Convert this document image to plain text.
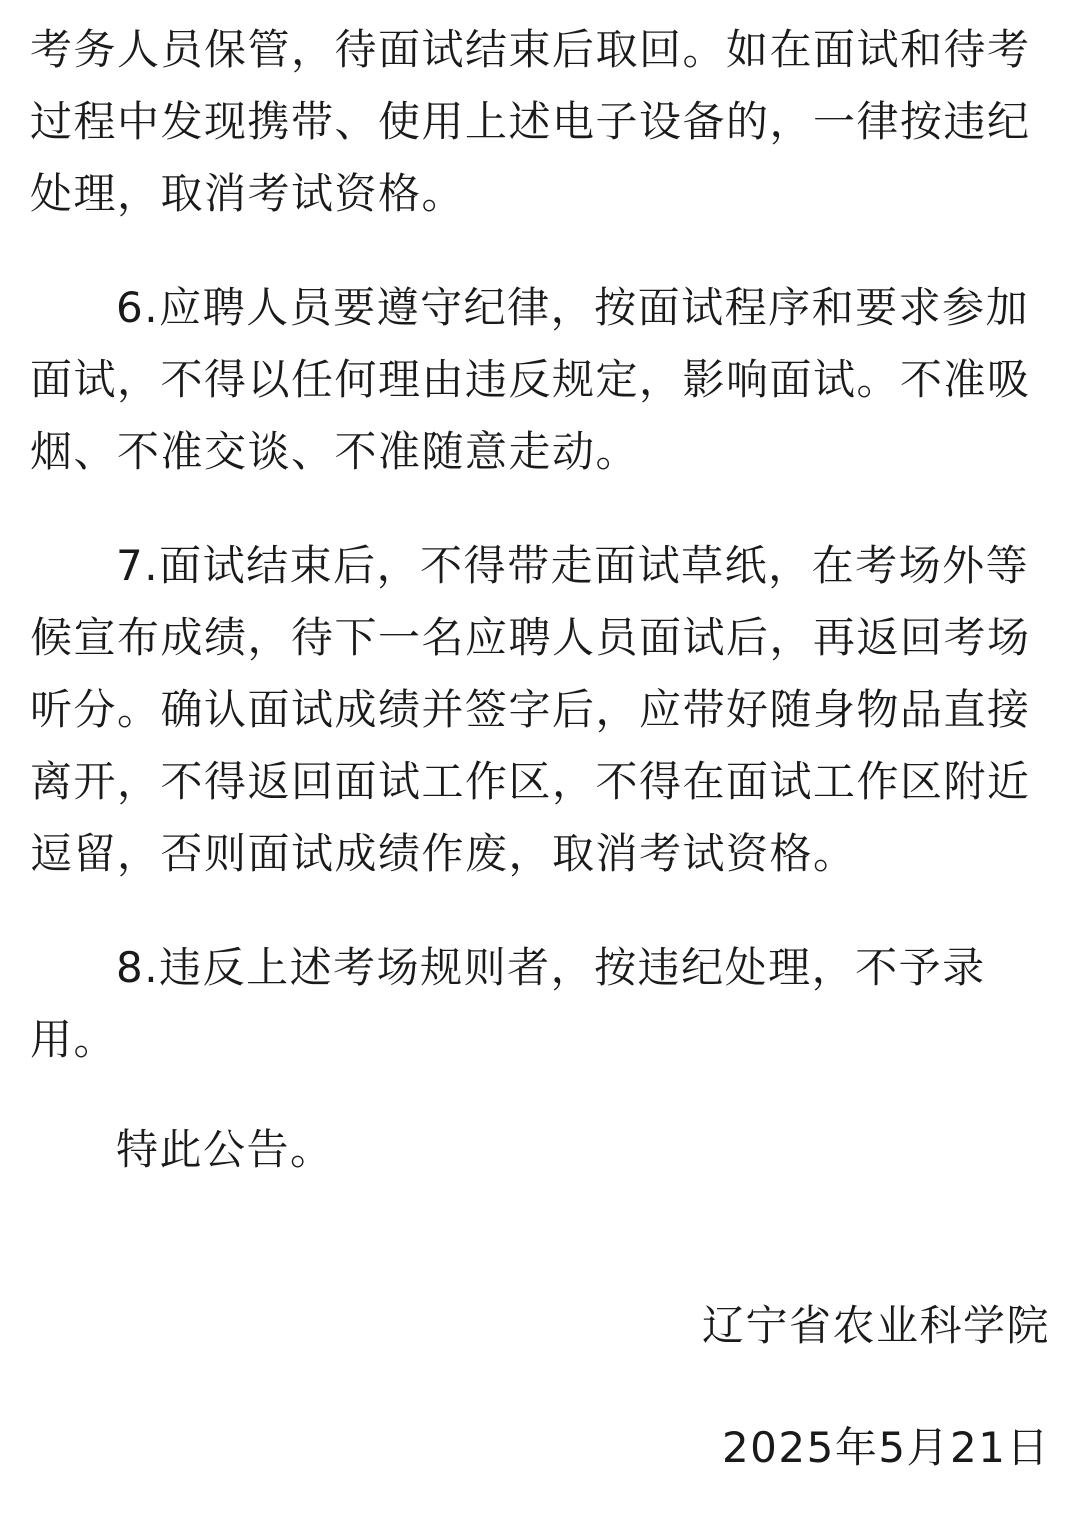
考务人员保管，待面试结束后取回。如在面试和待考
过程中发现携带、使用上述电子设备的，一律按违纪
处理，取消考试资格。
6.应聘人员要遵守纪律，按面试程序和要求参加
面试，不得以任何理由违反规定，影响面试。不准吸
烟、不准交谈、不准随意走动。
7.面试结束后，不得带走面试草纸，在考场外等
候宣布成绩，待下一名应聘人员面试后，再返回考场
听分。确认面试成绩并签字后，应带好随身物品直接
离开，不得返回面试工作区，不得在面试工作区附近
逗留，否则面试成绩作废，取消考试资格。
8.违反上述考场规则者，按违纪处理，不予录
用。
特此公告。
辽宁省农业科学院
2025年5月21日
